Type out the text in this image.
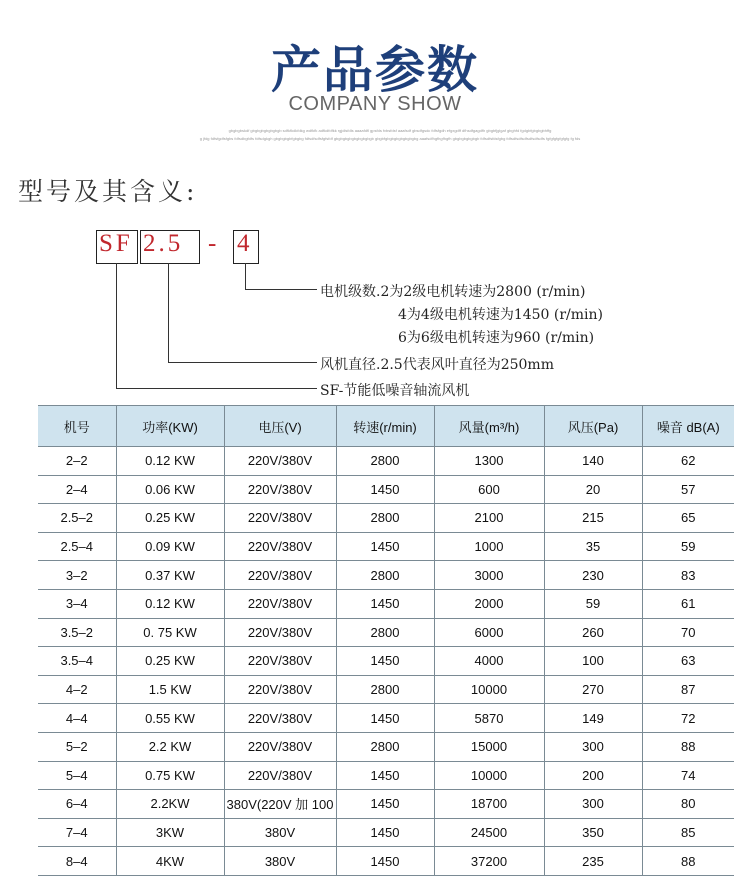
产品参数
COMPANY SHOW
gbgbgbskdf gbgbgbgbgbgbgb sdfkfkdkfdkg wdfkfk adfkdfdfkk rgjdlsfdls aaaafdfl gpsfds fvbsfdsf aaafsdf gbsdfgsdc fdfsfgdh efgxgdff dfhsdfgagdfh gbgbfjglgaf gbghfd fgdgbfgbgbgbhffg
g jfdg fdfsfgdfsfgbs fdfsdbgfdfs fdfsdgkgh gbgbgbgbfgbgbg fdfsdfsdfsfgfsfdf gbgbgbgbgbgbgbgbgb gbgbfgbgbgbgbgbgbgbg aaafsdfhgfhgfhgfh gbgbgbgbgbgb fdfsdfsfdsfgbg fdfsdfsdfsdfsdfsdfsdfs fgfgfgfgfgfgfg fg fds
型号及其含义:
SF 2.5 - 4
电机级数.2为2级电机转速为2800 (r/min)
4为4级电机转速为1450 (r/min)
6为6级电机转速为960 (r/min)
风机直径.2.5代表风叶直径为250mm
SF-节能低噪音轴流风机
机号	功率(KW)	电压(V)	转速(r/min)	风量(m³/h)	风压(Pa)	噪音 dB(A)
2–2	0.12 KW	220V/380V	2800	1300	140	62
2–4	0.06 KW	220V/380V	1450	600	20	57
2.5–2	0.25 KW	220V/380V	2800	2100	215	65
2.5–4	0.09 KW	220V/380V	1450	1000	35	59
3–2	0.37 KW	220V/380V	2800	3000	230	83
3–4	0.12 KW	220V/380V	1450	2000	59	61
3.5–2	0. 75 KW	220V/380V	2800	6000	260	70
3.5–4	0.25 KW	220V/380V	1450	4000	100	63
4–2	1.5 KW	220V/380V	2800	10000	270	87
4–4	0.55 KW	220V/380V	1450	5870	149	72
5–2	2.2 KW	220V/380V	2800	15000	300	88
5–4	0.75 KW	220V/380V	1450	10000	200	74
6–4	2.2KW	380V(220V 加 100	1450	18700	300	80
7–4	3KW	380V	1450	24500	350	85
8–4	4KW	380V	1450	37200	235	88
